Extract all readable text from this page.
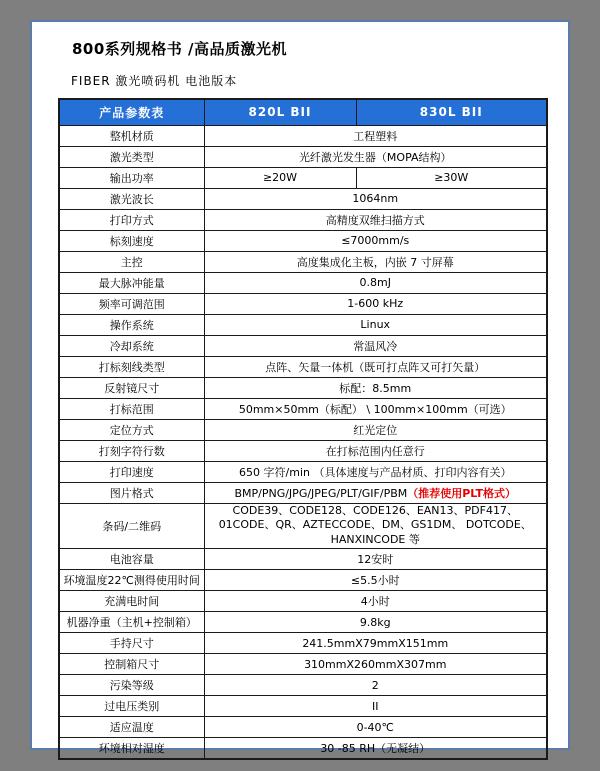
800系列规格书 /高品质激光机
FIBER 激光喷码机 电池版本
产品参数表	820L BII	830L BII
整机材质	工程塑料	
激光类型	光纤激光发生器（MOPA结构）	
输出功率	≥20W	≥30W
激光波长	1064nm	
打印方式	高精度双维扫描方式	
标刻速度	≤7000mm/s	
主控	高度集成化主板，内嵌 7 寸屏幕	
最大脉冲能量	0.8mJ	
频率可调范围	1-600 kHz	
操作系统	Linux	
冷却系统	常温风冷	
打标刻线类型	点阵、矢量一体机（既可打点阵又可打矢量）	
反射镜尺寸	标配：8.5mm	
打标范围	50mm×50mm（标配） \ 100mm×100mm（可选）	
定位方式	红光定位	
打刻字符行数	在打标范围内任意行	
打印速度	650 字符/min （具体速度与产品材质、打印内容有关）	
图片格式	BMP/PNG/JPG/JPEG/PLT/GIF/PBM（推荐使用PLT格式）	
条码/二维码	CODE39、CODE128、CODE126、EAN13、PDF417、01CODE、QR、AZTECCODE、DM、GS1DM、 DOTCODE、HANXINCODE 等	
电池容量	12安时	
环境温度22℃测得使用时间	≤5.5小时	
充满电时间	4小时	
机器净重（主机+控制箱）	9.8kg	
手持尺寸	241.5mmX79mmX151mm	
控制箱尺寸	310mmX260mmX307mm	
污染等级	2	
过电压类别	II	
适应温度	0-40℃	
环境相对湿度	30 -85 RH（无凝结）	
